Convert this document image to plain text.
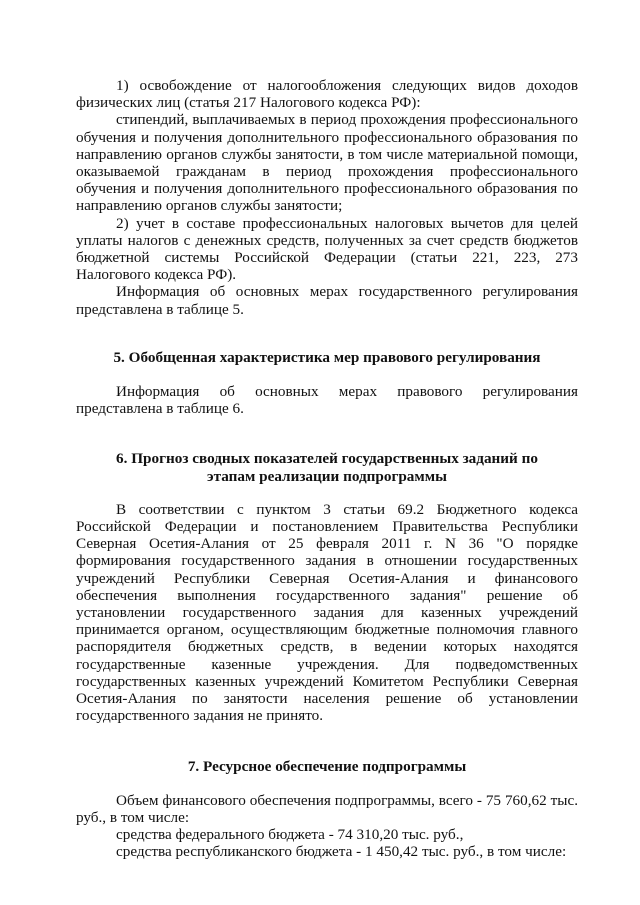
1) освобождение от налогообложения следующих видов доходов физических лиц (статья 217 Налогового кодекса РФ):

стипендий, выплачиваемых в период прохождения профессионального обучения и получения дополнительного профессионального образования по направлению органов службы занятости, в том числе материальной помощи, оказываемой гражданам в период прохождения профессионального обучения и получения дополнительного профессионального образования по направлению органов службы занятости;

2) учет в составе профессиональных налоговых вычетов для целей уплаты налогов с денежных средств, полученных за счет средств бюджетов бюджетной системы Российской Федерации (статьи 221, 223, 273 Налогового кодекса РФ).

Информация об основных мерах государственного регулирования представлена в таблице 5.

5. Обобщенная характеристика мер правового регулирования

Информация об основных мерах правового регулирования представлена в таблице 6.

6. Прогноз сводных показателей государственных заданий по
этапам реализации подпрограммы

В соответствии с пунктом 3 статьи 69.2 Бюджетного кодекса Российской Федерации и постановлением Правительства Республики Северная Осетия-Алания от 25 февраля 2011 г. N 36 "О порядке формирования государственного задания в отношении государственных учреждений Республики Северная Осетия-Алания и финансового обеспечения выполнения государственного задания" решение об установлении государственного задания для казенных учреждений принимается органом, осуществляющим бюджетные полномочия главного распорядителя бюджетных средств, в ведении которых находятся государственные казенные учреждения. Для подведомственных государственных казенных учреждений Комитетом Республики Северная Осетия-Алания по занятости населения решение об установлении государственного задания не принято.

7. Ресурсное обеспечение подпрограммы

Объем финансового обеспечения подпрограммы, всего - 75 760,62 тыс. руб., в том числе:

средства федерального бюджета - 74 310,20 тыс. руб.,

средства республиканского бюджета - 1 450,42 тыс. руб., в том числе:
